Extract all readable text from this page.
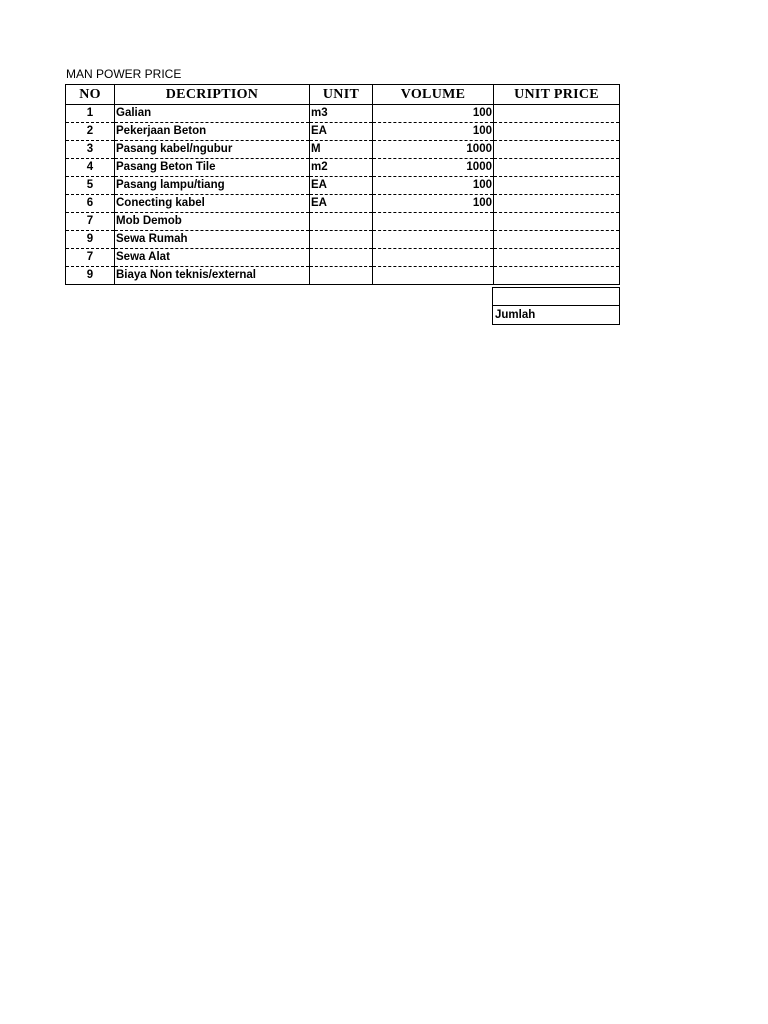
MAN POWER PRICE
NO	DECRIPTION	UNIT	VOLUME	UNIT PRICE
1	Galian	m3	100	
2	Pekerjaan Beton	EA	100	
3	Pasang kabel/ngubur	M	1000	
4	Pasang Beton Tile	m2	1000	
5	Pasang lampu/tiang	EA	100	
6	Conecting kabel	EA	100	
7	Mob Demob			
9	Sewa Rumah			
7	Sewa Alat			
9	Biaya Non teknis/external			
Jumlah
